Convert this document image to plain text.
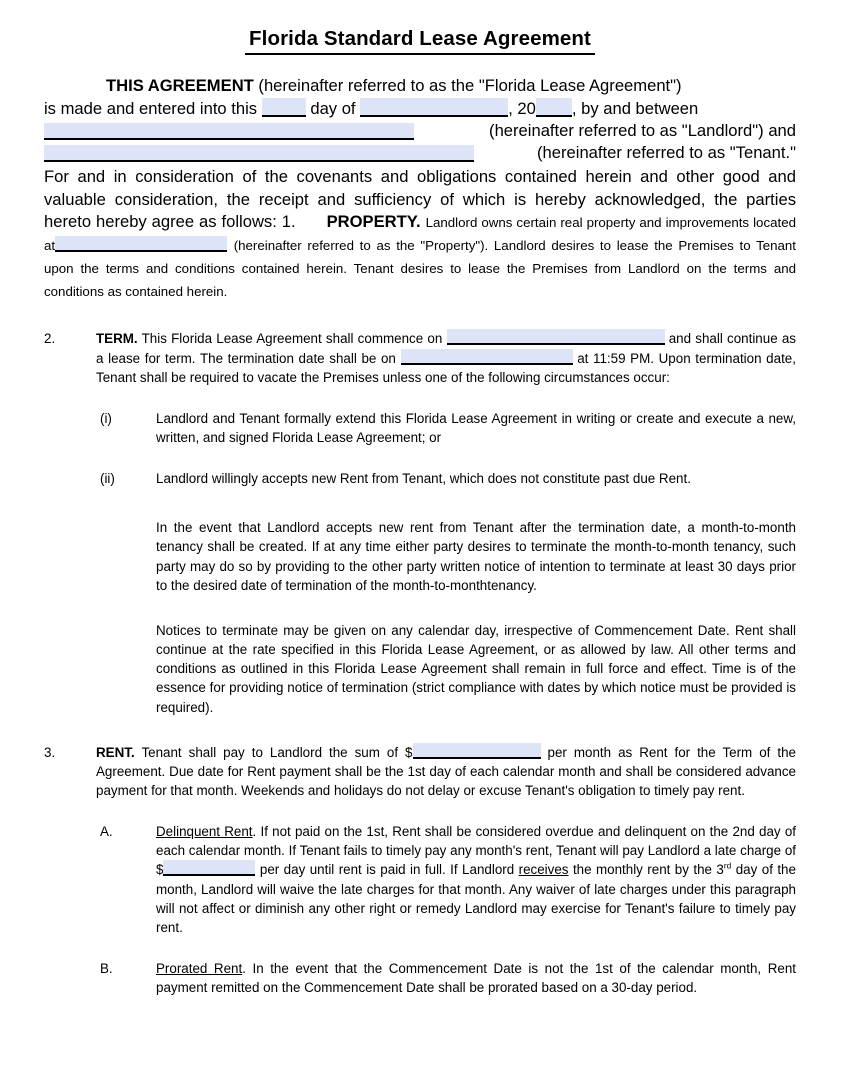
Florida Standard Lease Agreement

THIS AGREEMENT (hereinafter referred to as the "Florida Lease Agreement")
is made and entered into this	day of	, 20 , by and between

(hereinafter referred to as "Landlord") and
(hereinafter referred to as "Tenant."

For and in consideration of the covenants and obligations contained herein and other good and valuable consideration, the receipt and sufficiency of which is hereby acknowledged, the parties hereto hereby agree as follows: 1. PROPERTY. Landlord owns certain real property and improvements located at	(hereinafter referred to as the "Property"). Landlord desires to lease the Premises to Tenant upon the terms and conditions contained herein. Tenant desires to lease the Premises from Landlord on the terms and conditions as contained herein.

2.	TERM. This Florida Lease Agreement shall commence on	and shall continue as a lease for term. The termination date shall be on	at 11:59 PM. Upon termination date, Tenant shall be required to vacate the Premises unless one of the following circumstances occur:
(i)	Landlord and Tenant formally extend this Florida Lease Agreement in writing or create and execute a new, written, and signed Florida Lease Agreement; or
(ii)	Landlord willingly accepts new Rent from Tenant, which does not constitute past due Rent.
In the event that Landlord accepts new rent from Tenant after the termination date, a month-to-month tenancy shall be created. If at any time either party desires to terminate the month-to-month tenancy, such party may do so by providing to the other party written notice of intention to terminate at least 30 days prior to the desired date of termination of the month-to-monthtenancy.
Notices to terminate may be given on any calendar day, irrespective of Commencement Date. Rent shall continue at the rate specified in this Florida Lease Agreement, or as allowed by law. All other terms and conditions as outlined in this Florida Lease Agreement shall remain in full force and effect. Time is of the essence for providing notice of termination (strict compliance with dates by which notice must be provided is required).
3.	RENT. Tenant shall pay to Landlord the sum of $	per month as Rent for the Term of the Agreement. Due date for Rent payment shall be the 1st day of each calendar month and shall be considered advance payment for that month. Weekends and holidays do not delay or excuse Tenant's obligation to timely pay rent.
A.	Delinquent Rent. If not paid on the 1st, Rent shall be considered overdue and delinquent on the 2nd day of each calendar month. If Tenant fails to timely pay any month's rent, Tenant will pay Landlord a late charge of $	per day until rent is paid in full. If Landlord receives the monthly rent by the 3rd day of the month, Landlord will waive the late charges for that month. Any waiver of late charges under this paragraph will not affect or diminish any other right or remedy Landlord may exercise for Tenant's failure to timely pay rent.
B.	Prorated Rent. In the event that the Commencement Date is not the 1st of the calendar month, Rent payment remitted on the Commencement Date shall be prorated based on a 30-day period.
